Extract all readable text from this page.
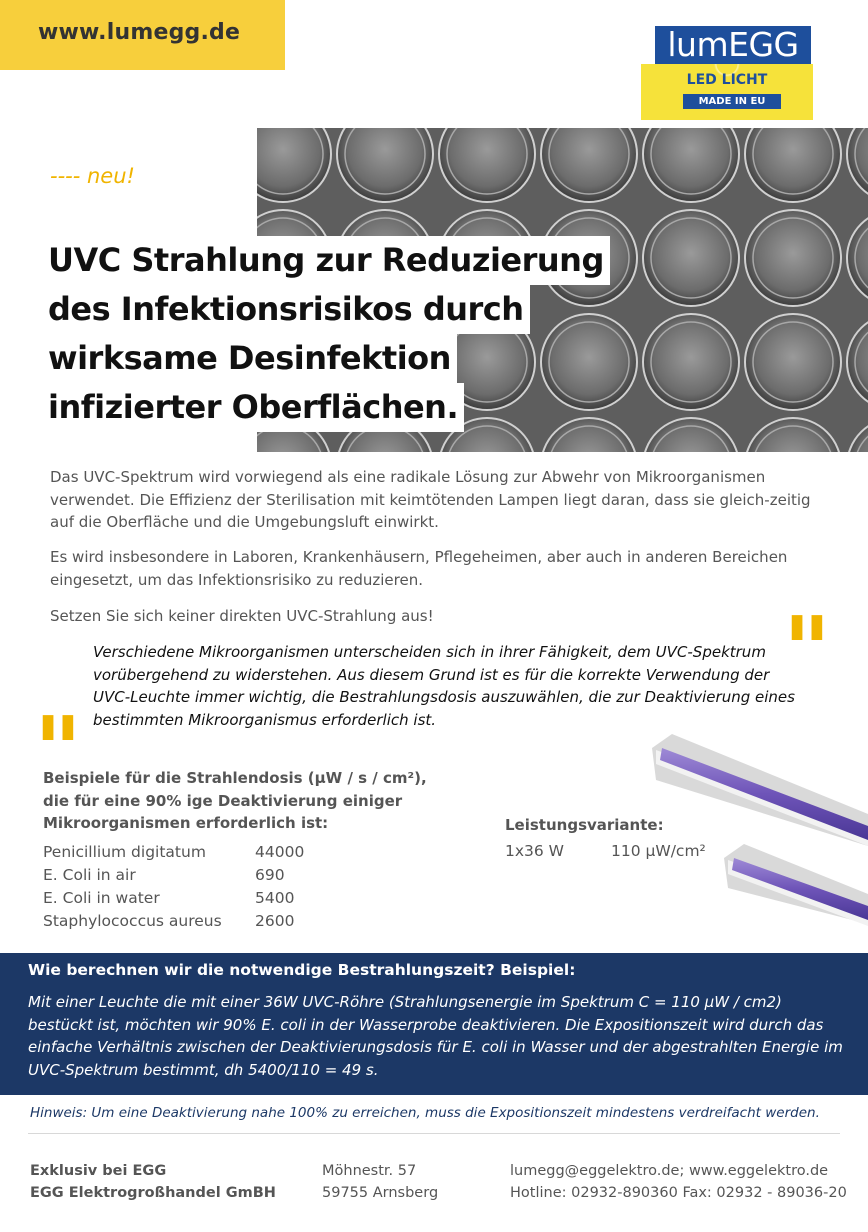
www.lumegg.de	lumEGG
LED LICHT
MADE IN EU
---- neu!
UVC Strahlung zur Reduzierung
des Infektionsrisikos durch
wirksame Desinfektion
infizierter Oberflächen.
Das UVC-Spektrum wird vorwiegend als eine radikale Lösung zur Abwehr von Mikroorganismen verwendet. Die Effizienz der Sterilisation mit keimtötenden Lampen liegt daran, dass sie gleich-zeitig auf die Oberfläche und die Umgebungsluft einwirkt.
Es wird insbesondere in Laboren, Krankenhäusern, Pflegeheimen, aber auch in anderen Bereichen eingesetzt, um das Infektionsrisiko zu reduzieren.
Setzen Sie sich keiner direkten UVC-Strahlung aus!	"
Verschiedene Mikroorganismen unterscheiden sich in ihrer Fähigkeit, dem UVC-Spektrum vorübergehend zu widerstehen. Aus diesem Grund ist es für die korrekte Verwendung der UVC-Leuchte immer wichtig, die Bestrahlungsdosis auszuwählen, die zur Deaktivierung eines bestimmten Mikroorganismus erforderlich ist.
"
Beispiele für die Strahlendosis (µW / s / cm²), die für eine 90% ige Deaktivierung einiger Mikroorganismen erforderlich ist:
Penicillium digitatum	44000
E. Coli in air	690
E. Coli in water	5400
Staphylococcus aureus 2600
Leistungsvariante:
1x36 W	110 µW/cm²
Wie berechnen wir die notwendige Bestrahlungszeit? Beispiel:
Mit einer Leuchte die mit einer 36W UVC-Röhre (Strahlungsenergie im Spektrum C = 110 µW / cm2) bestückt ist, möchten wir 90% E. coli in der Wasserprobe deaktivieren. Die Expositionszeit wird durch das einfache Verhältnis zwischen der Deaktivierungsdosis für E. coli in Wasser und der abgestrahlten Energie im UVC-Spektrum bestimmt, dh 5400/110 = 49 s.
Hinweis: Um eine Deaktivierung nahe 100% zu erreichen, muss die Expositionszeit mindestens verdreifacht werden.
Exklusiv bei EGG
EGG Elektrogroßhandel GmBH
Möhnestr. 57
59755 Arnsberg
lumegg@eggelektro.de; www.eggelektro.de
Hotline: 02932-890360 Fax: 02932 - 89036-20
